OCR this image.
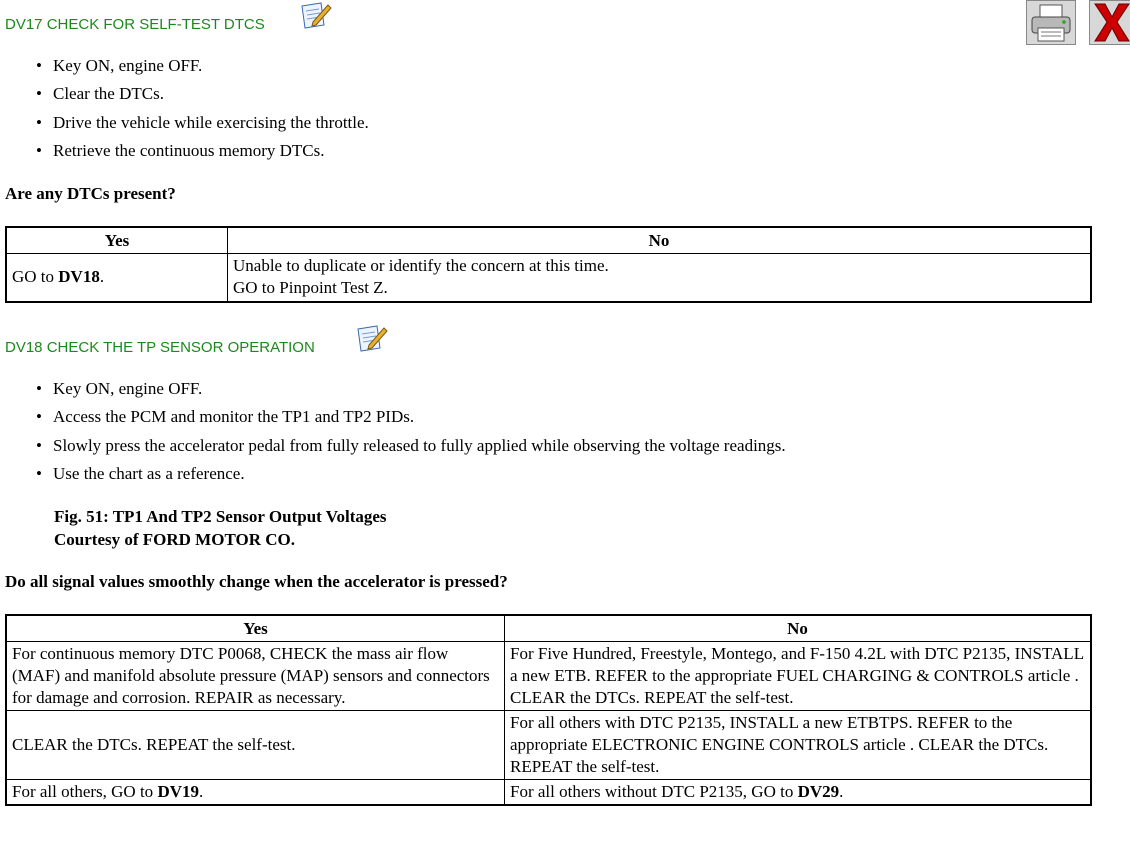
DV17 CHECK FOR SELF-TEST DTCS
• Key ON, engine OFF.
• Clear the DTCs.
• Drive the vehicle while exercising the throttle.
• Retrieve the continuous memory DTCs.
Are any DTCs present?
Yes	No
GO to DV18.	Unable to duplicate or identify the concern at this time.
GO to Pinpoint Test Z.
DV18 CHECK THE TP SENSOR OPERATION
• Key ON, engine OFF.
• Access the PCM and monitor the TP1 and TP2 PIDs.
• Slowly press the accelerator pedal from fully released to fully applied while observing the voltage readings.
• Use the chart as a reference.
Fig. 51: TP1 And TP2 Sensor Output Voltages
Courtesy of FORD MOTOR CO.
Do all signal values smoothly change when the accelerator is pressed?
Yes	No
For continuous memory DTC P0068, CHECK the mass air flow (MAF) and manifold absolute pressure (MAP) sensors and connectors for damage and corrosion. REPAIR as necessary.	For Five Hundred, Freestyle, Montego, and F-150 4.2L with DTC P2135, INSTALL a new ETB. REFER to the appropriate FUEL CHARGING & CONTROLS article . CLEAR the DTCs. REPEAT the self-test.
CLEAR the DTCs. REPEAT the self-test.	For all others with DTC P2135, INSTALL a new ETBTPS. REFER to the appropriate ELECTRONIC ENGINE CONTROLS article . CLEAR the DTCs. REPEAT the self-test.
For all others, GO to DV19.	For all others without DTC P2135, GO to DV29.
